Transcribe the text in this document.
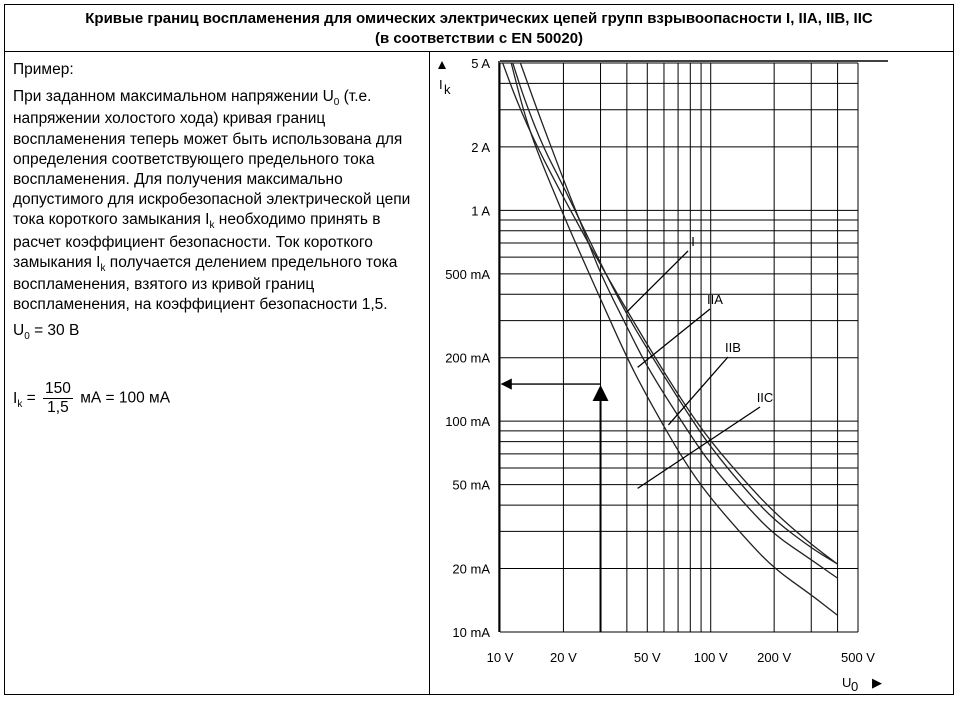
Кривые границ воспламенения для омических электрических цепей групп взрывоопасности I, IIA, IIB, IIC
(в соответствии с EN 50020)

Пример:

При заданном максимальном напряжении $U_0$ (т.е. напряжении холостого хода) кривая границ воспламенения теперь может быть использована для определения соответствующего предельного тока воспламенения. Для получения максимально допустимого для искробезопасной электрической цепи тока короткого замыкания $I_k$ необходимо принять в расчет коэффициент безопасности. Ток короткого замыкания $I_k$ получается делением предельного тока воспламенения, взятого из кривой границ воспламенения, на коэффициент безопасности 1,5.

$U_0 = 30$ В

$I_k = \frac{150}{1,5}$ мА = 100 мА
5 A
2 A
1 A
500 mA
200 mA
100 mA
50 mA
20 mA
10 mA
10 V	20 V	50 V	100 V 200 V	500 V
I k
U 0 ▶
I
IIA
IIB
IIC
